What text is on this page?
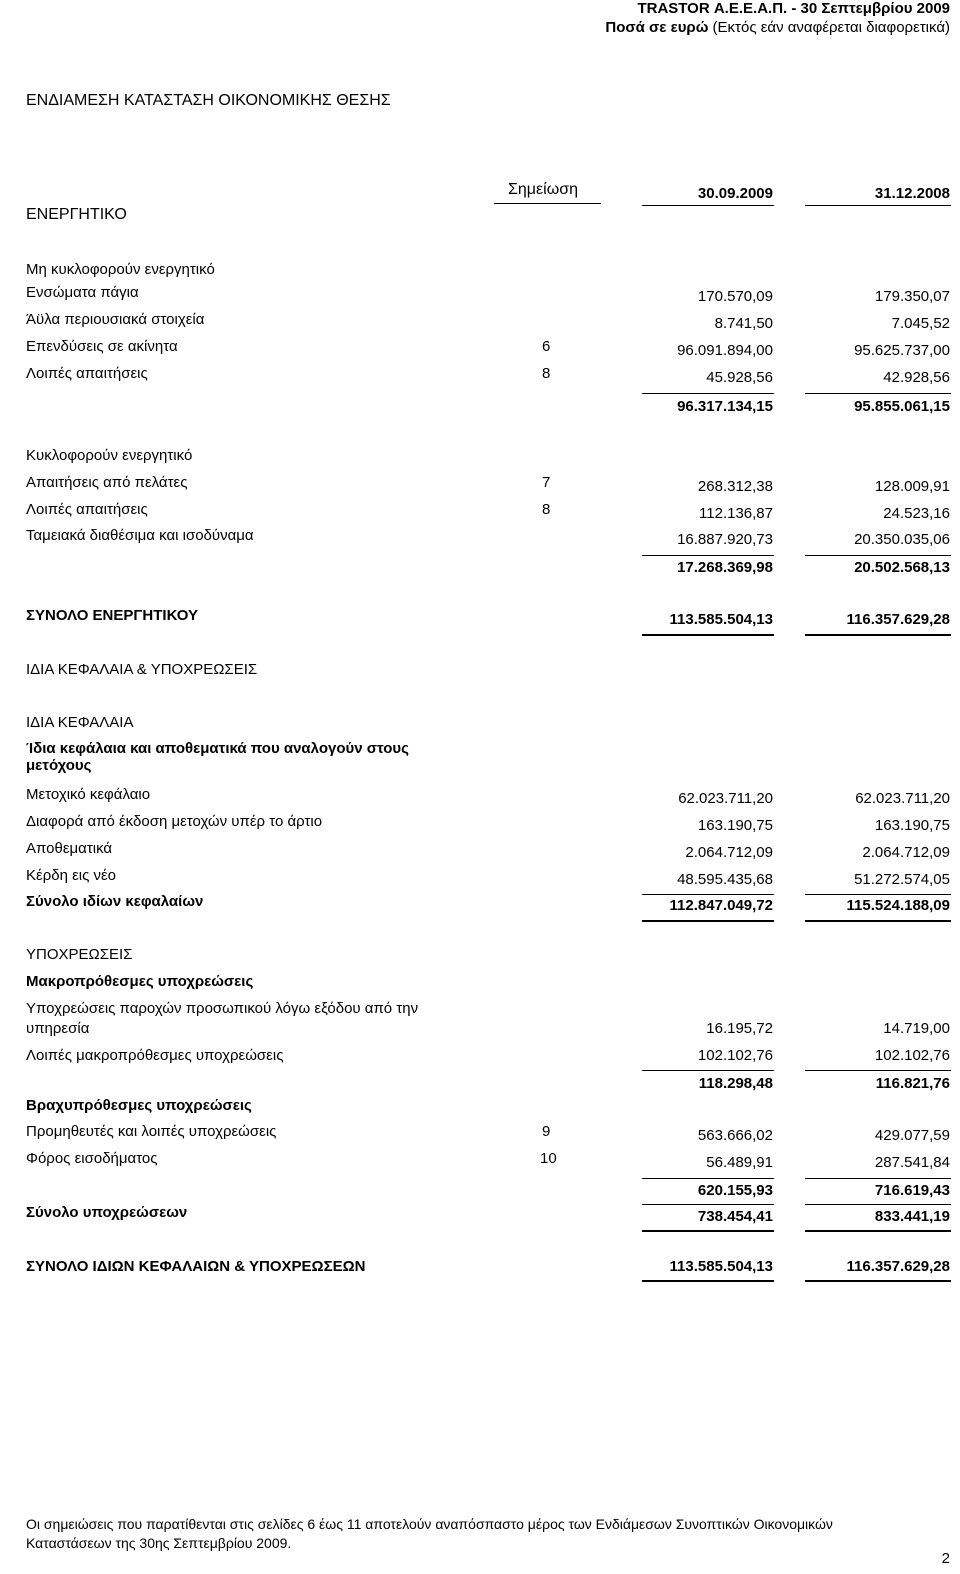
TRASTOR Α.Ε.Ε.Α.Π. - 30 Σεπτεμβρίου 2009
Ποσά σε ευρώ (Εκτός εάν αναφέρεται διαφορετικά)
ΕΝΔΙΑΜΕΣΗ ΚΑΤΑΣΤΑΣΗ ΟΙΚΟΝΟΜΙΚΗΣ ΘΕΣΗΣ
ΕΝΕΡΓΗΤΙΚΟ
Σημείωση	30.09.2009	31.12.2008
Μη κυκλοφορούν ενεργητικό
Ενσώματα πάγια	170.570,09	179.350,07
Άϋλα περιουσιακά στοιχεία	8.741,50	7.045,52
Επενδύσεις σε ακίνητα	6	96.091.894,00	95.625.737,00
Λοιπές απαιτήσεις	8	45.928,56	42.928,56
96.317.134,15	95.855.061,15
Κυκλοφορούν ενεργητικό
Απαιτήσεις από πελάτες	7	268.312,38	128.009,91
Λοιπές απαιτήσεις	8	112.136,87	24.523,16
Ταμειακά διαθέσιμα και ισοδύναμα	16.887.920,73	20.350.035,06
17.268.369,98	20.502.568,13
ΣΥΝΟΛΟ ΕΝΕΡΓΗΤΙΚΟΥ	113.585.504,13	116.357.629,28
ΙΔΙΑ ΚΕΦΑΛΑΙΑ & ΥΠΟΧΡΕΩΣΕΙΣ
ΙΔΙΑ ΚΕΦΑΛΑΙΑ
Ίδια κεφάλαια και αποθεματικά που αναλογούν στους
μετόχους
Μετοχικό κεφάλαιο	62.023.711,20	62.023.711,20
Διαφορά από έκδοση μετοχών υπέρ το άρτιο	163.190,75	163.190,75
Αποθεματικά	2.064.712,09	2.064.712,09
Κέρδη εις νέο	48.595.435,68	51.272.574,05
Σύνολο ιδίων κεφαλαίων	112.847.049,72	115.524.188,09
ΥΠΟΧΡΕΩΣΕΙΣ
Μακροπρόθεσμες υποχρεώσεις
Υποχρεώσεις παροχών προσωπικού λόγω εξόδου από την
υπηρεσία	16.195,72	14.719,00
Λοιπές μακροπρόθεσμες υποχρεώσεις	102.102,76	102.102,76
118.298,48	116.821,76
Βραχυπρόθεσμες υποχρεώσεις
Προμηθευτές και λοιπές υποχρεώσεις	9	563.666,02	429.077,59
Φόρος εισοδήματος	10	56.489,91	287.541,84
620.155,93	716.619,43
Σύνολο υποχρεώσεων	738.454,41	833.441,19
ΣΥΝΟΛΟ ΙΔΙΩΝ ΚΕΦΑΛΑΙΩΝ & ΥΠΟΧΡΕΩΣΕΩΝ	113.585.504,13	116.357.629,28
Οι σημειώσεις που παρατίθενται στις σελίδες 6 έως 11 αποτελούν αναπόσπαστο μέρος των Ενδιάμεσων Συνοπτικών Οικονομικών
Καταστάσεων της 30ης Σεπτεμβρίου 2009.
2
